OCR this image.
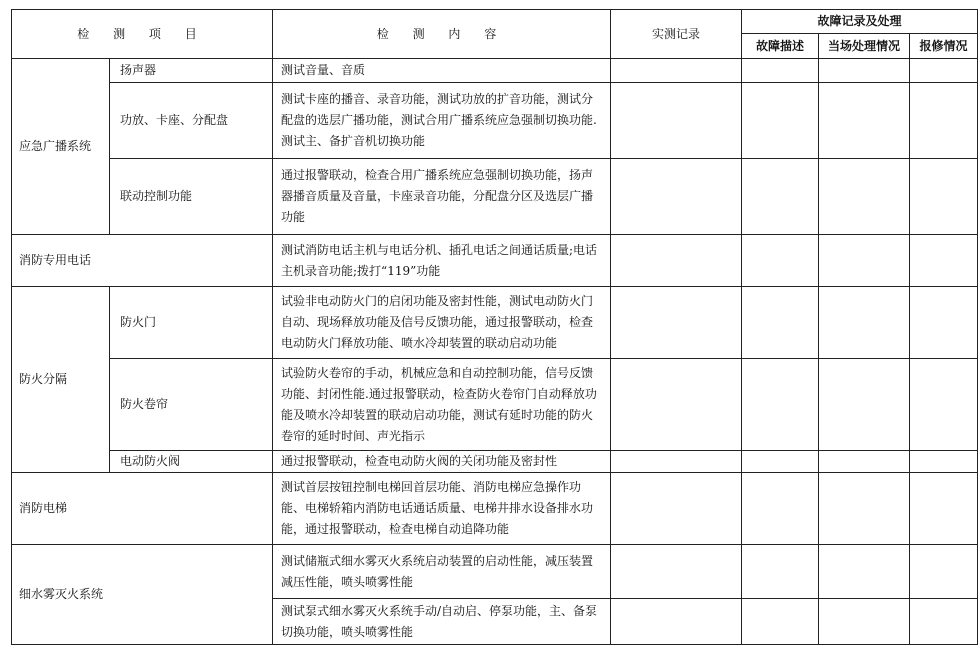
检 测 项 目		检 测 内 容	实测记录	故障记录及处理		
				故障描述	当场处理情况	报修情况
应急广播系统	扬声器	测试音量、音质				
	功放、卡座、分配盘	测试卡座的播音、录音功能，测试功放的扩音功能，测试分配盘的选层广播功能，测试合用广播系统应急强制切换功能.测试主、备扩音机切换功能				
	联动控制功能	通过报警联动，检查合用广播系统应急强制切换功能，扬声器播音质量及音量，卡座录音功能，分配盘分区及选层广播功能				
消防专用电话		测试消防电话主机与电话分机、插孔电话之间通话质量;电话主机录音功能;拨打“119”功能				
防火分隔	防火门	试验非电动防火门的启闭功能及密封性能，测试电动防火门自动、现场释放功能及信号反馈功能，通过报警联动，检查电动防火门释放功能、喷水冷却装置的联动启动功能				
	防火卷帘	试验防火卷帘的手动，机械应急和自动控制功能，信号反馈功能、封闭性能.通过报警联动，检查防火卷帘门自动释放功能及喷水冷却装置的联动启动功能，测试有延时功能的防火卷帘的延时时间、声光指示				
	电动防火阀	通过报警联动，检查电动防火阀的关闭功能及密封性				
消防电梯		测试首层按钮控制电梯回首层功能、消防电梯应急操作功能、电梯轿箱内消防电话通话质量、电梯井排水设备排水功能，通过报警联动，检查电梯自动追降功能				
细水雾灭火系统		测试储瓶式细水雾灭火系统启动装置的启动性能，减压装置减压性能，喷头喷雾性能				
		测试泵式细水雾灭火系统手动/自动启、停泵功能，主、备泵切换功能，喷头喷雾性能				
